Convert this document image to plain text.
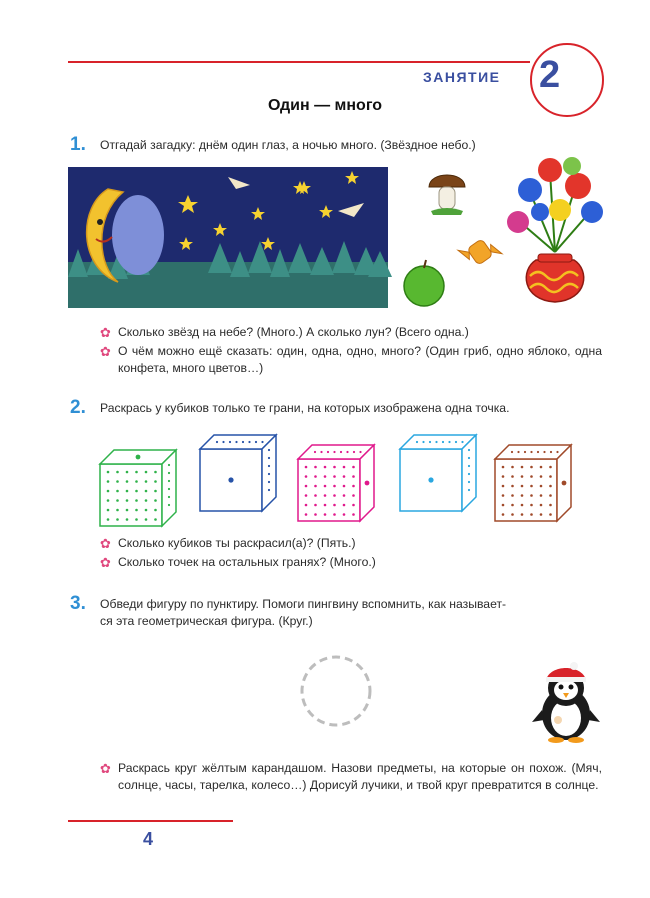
ЗАНЯТИЕ 2
Один — много
1. Отгадай загадку: днём один глаз, а ночью много. (Звёздное небо.)
✿ Сколько звёзд на небе? (Много.) А сколько лун? (Всего одна.)
✿ О чём можно ещё сказать: один, одна, одно, много? (Один гриб, одно яблоко, одна конфета, много цветов…)
2. Раскрась у кубиков только те грани, на которых изображена одна точка.
✿ Сколько кубиков ты раскрасил(а)? (Пять.)
✿ Сколько точек на остальных гранях? (Много.)
3. Обведи фигуру по пунктиру. Помоги пингвину вспомнить, как называет-
ся эта геометрическая фигура. (Круг.)
✿ Раскрась круг жёлтым карандашом. Назови предметы, на которые он похож. (Мяч, солнце, часы, тарелка, колесо…) Дорисуй лучики, и твой круг превратится в солнце.
4
